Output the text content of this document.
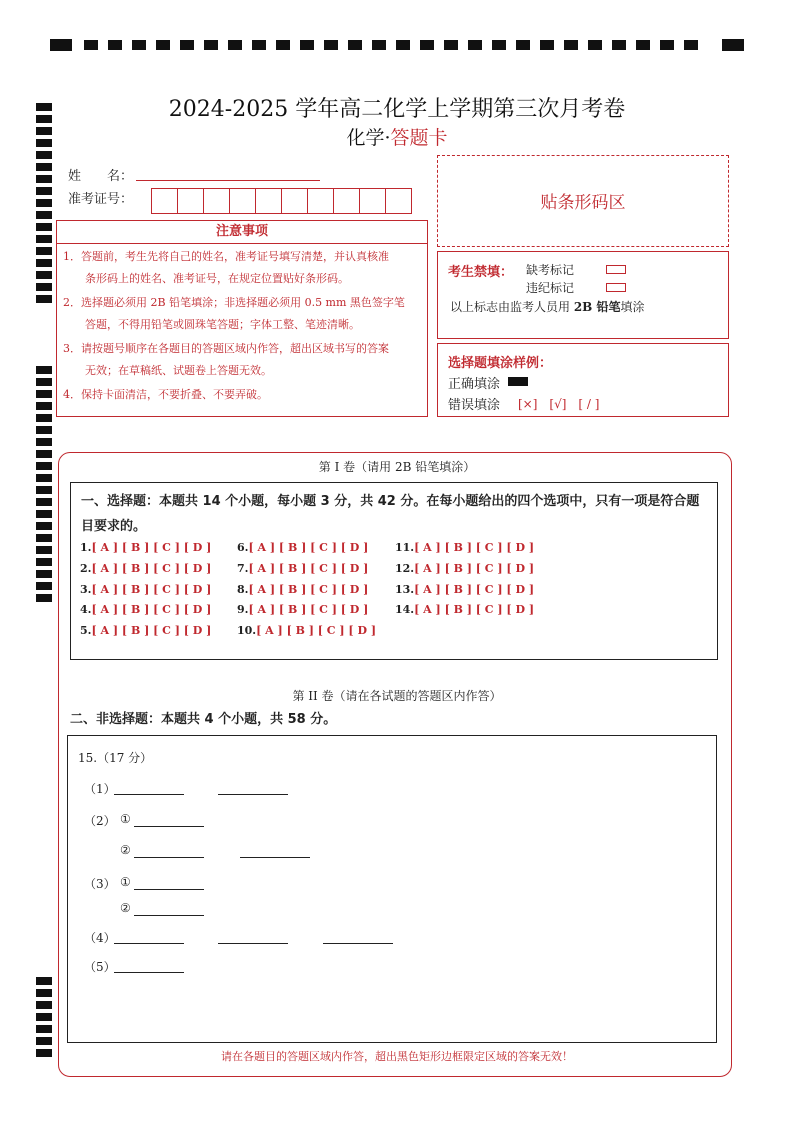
2024-2025 学年高二化学上学期第三次月考卷
化学·答题卡
姓　　名：
准考证号：	贴条形码区
注意事项

1．答题前，考生先将自己的姓名，准考证号填写清楚，并认真核准

　　条形码上的姓名、准考证号，在规定位置贴好条形码。

2．选择题必须用 2B 铅笔填涂；非选择题必须用 0.5 mm 黑色签字笔

　　答题，不得用铅笔或圆珠笔答题；字体工整、笔迹清晰。

3．请按题号顺序在各题目的答题区域内作答，超出区域书写的答案

　　无效；在草稿纸、试题卷上答题无效。

4．保持卡面清洁，不要折叠、不要弄破。

考生禁填： 缺考标记
违纪标记
以上标志由监考人员用 2B 铅笔填涂
选择题填涂样例：
正确填涂
错误填涂 [×]　[√]　[ / ]
第 I 卷（请用 2B 铅笔填涂）
一、选择题：本题共 14 个小题，每小题 3 分，共 42 分。在每小题给出的四个选项中，只有一项是符合题目要求的。
1.[ A ] [ B ] [ C ] [ D ]
2.[ A ] [ B ] [ C ] [ D ]
3.[ A ] [ B ] [ C ] [ D ]
4.[ A ] [ B ] [ C ] [ D ]
5.[ A ] [ B ] [ C ] [ D ]
6.[ A ] [ B ] [ C ] [ D ]
7.[ A ] [ B ] [ C ] [ D ]
8.[ A ] [ B ] [ C ] [ D ]
9.[ A ] [ B ] [ C ] [ D ]
10.[ A ] [ B ] [ C ] [ D ]
11.[ A ] [ B ] [ C ] [ D ]
12.[ A ] [ B ] [ C ] [ D ]
13.[ A ] [ B ] [ C ] [ D ]
14.[ A ] [ B ] [ C ] [ D ]
第 II 卷（请在各试题的答题区内作答）
二、非选择题：本题共 4 个小题，共 58 分。
15.（17 分）
（1）
（2） ①
②
（3） ①
②
（4）
（5）
请在各题目的答题区域内作答，超出黑色矩形边框限定区域的答案无效！
